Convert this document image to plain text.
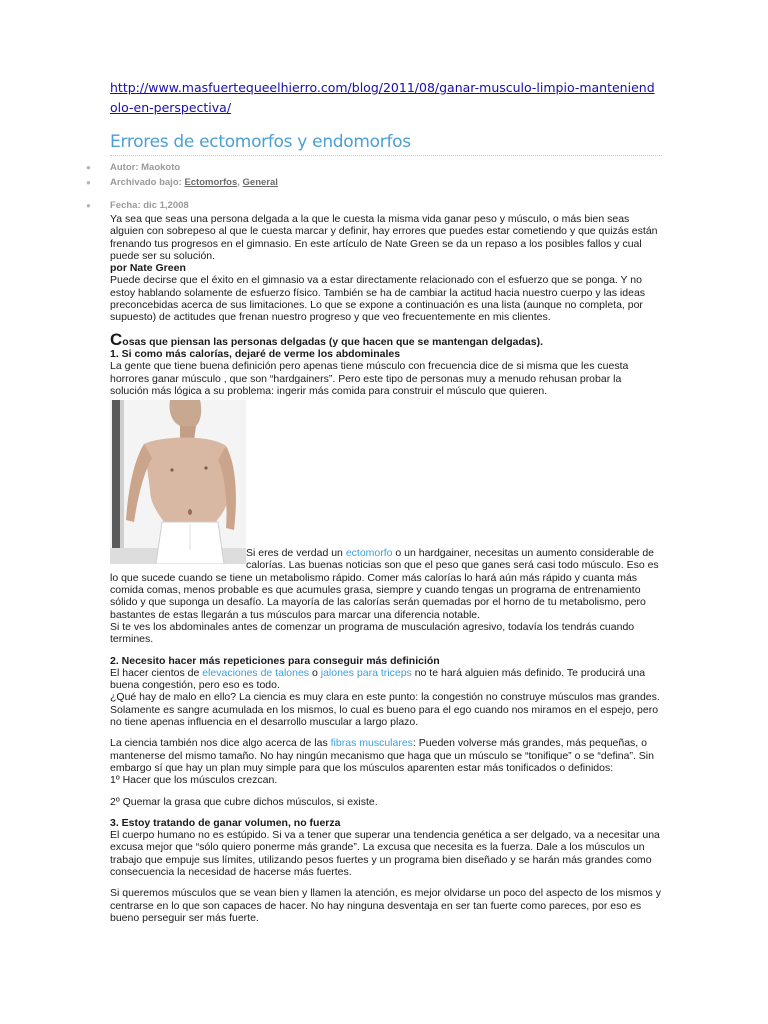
http://www.masfuertequeelhierro.com/blog/2011/08/ganar-musculo-limpio-manteniendolo-en-perspectiva/
Errores de ectomorfos y endomorfos
● Autor: Maokoto
● Archivado bajo: Ectomorfos, General
● Fecha: dic 1,2008

Ya sea que seas una persona delgada a la que le cuesta la misma vida ganar peso y músculo, o más bien seas alguien con sobrepeso al que le cuesta marcar y definir, hay errores que puedes estar cometiendo y que quizás están frenando tus progresos en el gimnasio. En este artículo de Nate Green se da un repaso a los posibles fallos y cual puede ser su solución.

por Nate Green

Puede decirse que el éxito en el gimnasio va a estar directamente relacionado con el esfuerzo que se ponga. Y no estoy hablando solamente de esfuerzo físico. También se ha de cambiar la actitud hacia nuestro cuerpo y las ideas preconcebidas acerca de sus limitaciones. Lo que se expone a continuación es una lista (aunque no completa, por supuesto) de actitudes que frenan nuestro progreso y que veo frecuentemente en mis clientes.

Cosas que piensan las personas delgadas (y que hacen que se mantengan delgadas).

1. Si como más calorías, dejaré de verme los abdominales

La gente que tiene buena definición pero apenas tiene músculo con frecuencia dice de si misma que les cuesta horrores ganar músculo , que son “hardgainers”. Pero este tipo de personas muy a menudo rehusan probar la solución más lógica a su problema: ingerir más comida para construir el músculo que quieren.

Si eres de verdad un ectomorfo o un hardgainer, necesitas un aumento considerable de calorías. Las buenas noticias son que el peso que ganes será casi todo músculo. Eso es lo que sucede cuando se tiene un metabolismo rápido. Comer más calorías lo hará aún más rápido y cuanta más comida comas, menos probable es que acumules grasa, siempre y cuando tengas un programa de entrenamiento sólido y que suponga un desafío. La mayoría de las calorías serán quemadas por el horno de tu metabolismo, pero bastantes de estas llegarán a tus músculos para marcar una diferencia notable.

Si te ves los abdominales antes de comenzar un programa de musculación agresivo, todavía los tendrás cuando termines.

2. Necesito hacer más repeticiones para conseguir más definición

El hacer cientos de elevaciones de talones o jalones para triceps no te hará alguien más definido. Te producirá una buena congestión, pero eso es todo.

¿Qué hay de malo en ello? La ciencia es muy clara en este punto: la congestión no construye músculos mas grandes. Solamente es sangre acumulada en los mismos, lo cual es bueno para el ego cuando nos miramos en el espejo, pero no tiene apenas influencia en el desarrollo muscular a largo plazo.

La ciencia también nos dice algo acerca de las fibras musculares: Pueden volverse más grandes, más pequeñas, o mantenerse del mismo tamaño. No hay ningún mecanismo que haga que un músculo se “tonifique” o se “defina”. Sin embargo sí que hay un plan muy simple para que los músculos aparenten estar más tonificados o definidos:

1º Hacer que los músculos crezcan.

2º Quemar la grasa que cubre dichos músculos, si existe.

3. Estoy tratando de ganar volumen, no fuerza

El cuerpo humano no es estúpido. Si va a tener que superar una tendencia genética a ser delgado, va a necesitar una excusa mejor que “sólo quiero ponerme más grande”. La excusa que necesita es la fuerza. Dale a los músculos un trabajo que empuje sus límites, utilizando pesos fuertes y un programa bien diseñado y se harán más grandes como consecuencia la necesidad de hacerse más fuertes.

Si queremos músculos que se vean bien y llamen la atención, es mejor olvidarse un poco del aspecto de los mismos y centrarse en lo que son capaces de hacer. No hay ninguna desventaja en ser tan fuerte como pareces, por eso es bueno perseguir ser más fuerte.
